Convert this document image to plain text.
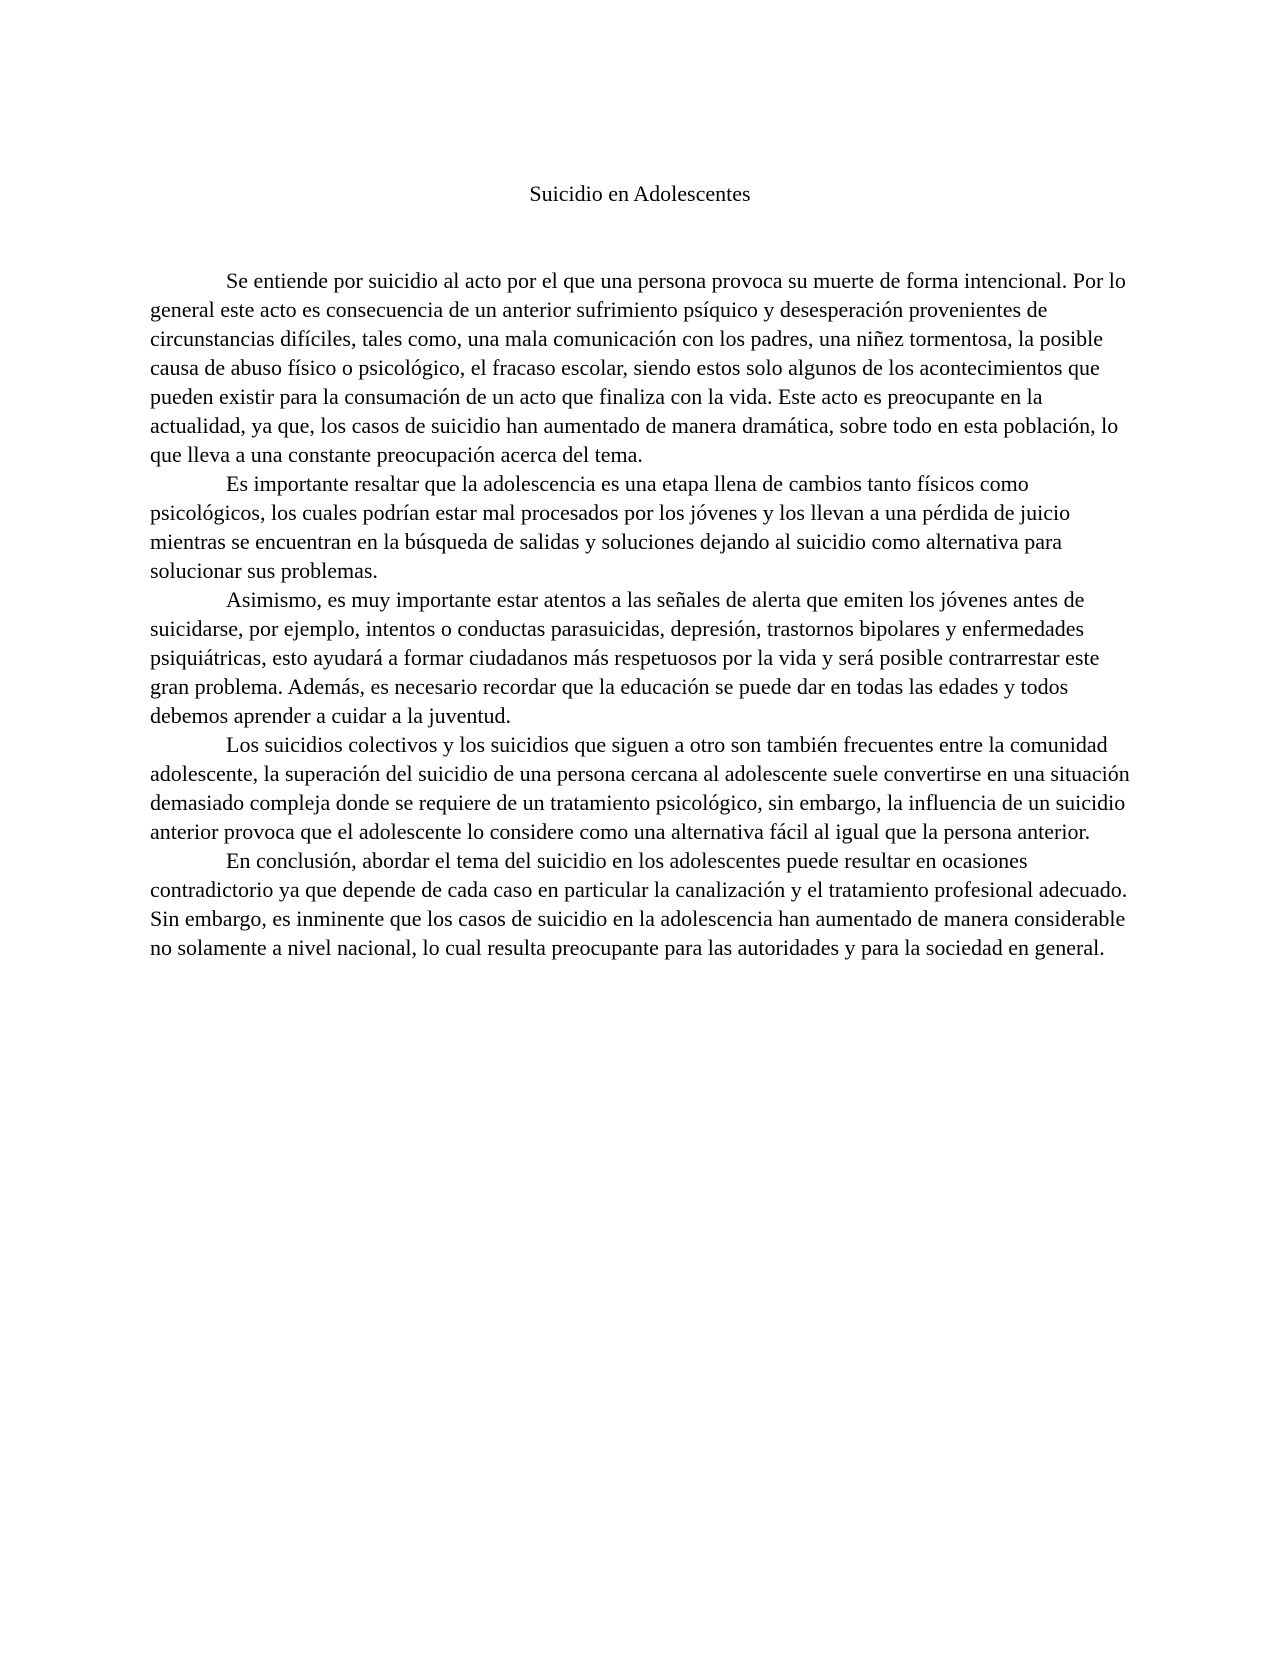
Suicidio en Adolescentes

Se entiende por suicidio al acto por el que una persona provoca su muerte de forma intencional. Por lo general este acto es consecuencia de un anterior sufrimiento psíquico y desesperación provenientes de circunstancias difíciles, tales como, una mala comunicación con los padres, una niñez tormentosa, la posible causa de abuso físico o psicológico, el fracaso escolar, siendo estos solo algunos de los acontecimientos que pueden existir para la consumación de un acto que finaliza con la vida. Este acto es preocupante en la actualidad, ya que, los casos de suicidio han aumentado de manera dramática, sobre todo en esta población, lo que lleva a una constante preocupación acerca del tema.

Es importante resaltar que la adolescencia es una etapa llena de cambios tanto físicos como psicológicos, los cuales podrían estar mal procesados por los jóvenes y los llevan a una pérdida de juicio mientras se encuentran en la búsqueda de salidas y soluciones dejando al suicidio como alternativa para solucionar sus problemas.

Asimismo, es muy importante estar atentos a las señales de alerta que emiten los jóvenes antes de suicidarse, por ejemplo, intentos o conductas parasuicidas, depresión, trastornos bipolares y enfermedades psiquiátricas, esto ayudará a formar ciudadanos más respetuosos por la vida y será posible contrarrestar este gran problema. Además, es necesario recordar que la educación se puede dar en todas las edades y todos debemos aprender a cuidar a la juventud.

Los suicidios colectivos y los suicidios que siguen a otro son también frecuentes entre la comunidad adolescente, la superación del suicidio de una persona cercana al adolescente suele convertirse en una situación demasiado compleja donde se requiere de un tratamiento psicológico, sin embargo, la influencia de un suicidio anterior provoca que el adolescente lo considere como una alternativa fácil al igual que la persona anterior.

En conclusión, abordar el tema del suicidio en los adolescentes puede resultar en ocasiones contradictorio ya que depende de cada caso en particular la canalización y el tratamiento profesional adecuado. Sin embargo, es inminente que los casos de suicidio en la adolescencia han aumentado de manera considerable no solamente a nivel nacional, lo cual resulta preocupante para las autoridades y para la sociedad en general.
